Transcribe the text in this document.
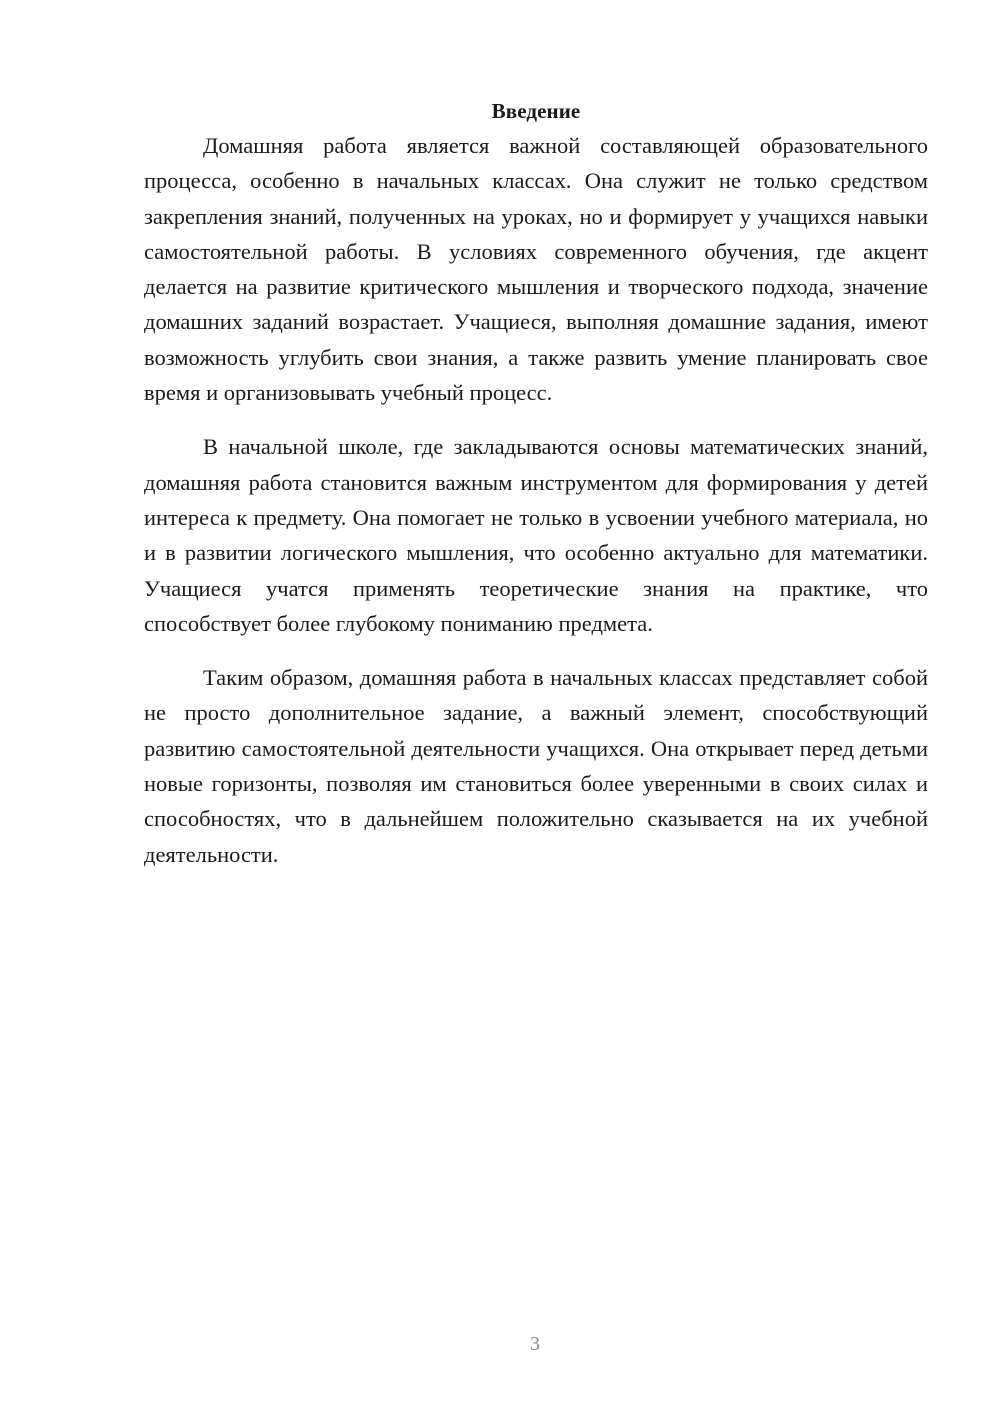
Введение

Домашняя работа является важной составляющей образовательного процесса, особенно в начальных классах. Она служит не только средством закрепления знаний, полученных на уроках, но и формирует у учащихся навыки самостоятельной работы. В условиях современного обучения, где акцент делается на развитие критического мышления и творческого подхода, значение домашних заданий возрастает. Учащиеся, выполняя домашние задания, имеют возможность углубить свои знания, а также развить умение планировать свое время и организовывать учебный процесс.

В начальной школе, где закладываются основы математических знаний, домашняя работа становится важным инструментом для формирования у детей интереса к предмету. Она помогает не только в усвоении учебного материала, но и в развитии логического мышления, что особенно актуально для математики. Учащиеся учатся применять теоретические знания на практике, что способствует более глубокому пониманию предмета.

Таким образом, домашняя работа в начальных классах представляет собой не просто дополнительное задание, а важный элемент, способствующий развитию самостоятельной деятельности учащихся. Она открывает перед детьми новые горизонты, позволяя им становиться более уверенными в своих силах и способностях, что в дальнейшем положительно сказывается на их учебной деятельности.

3
